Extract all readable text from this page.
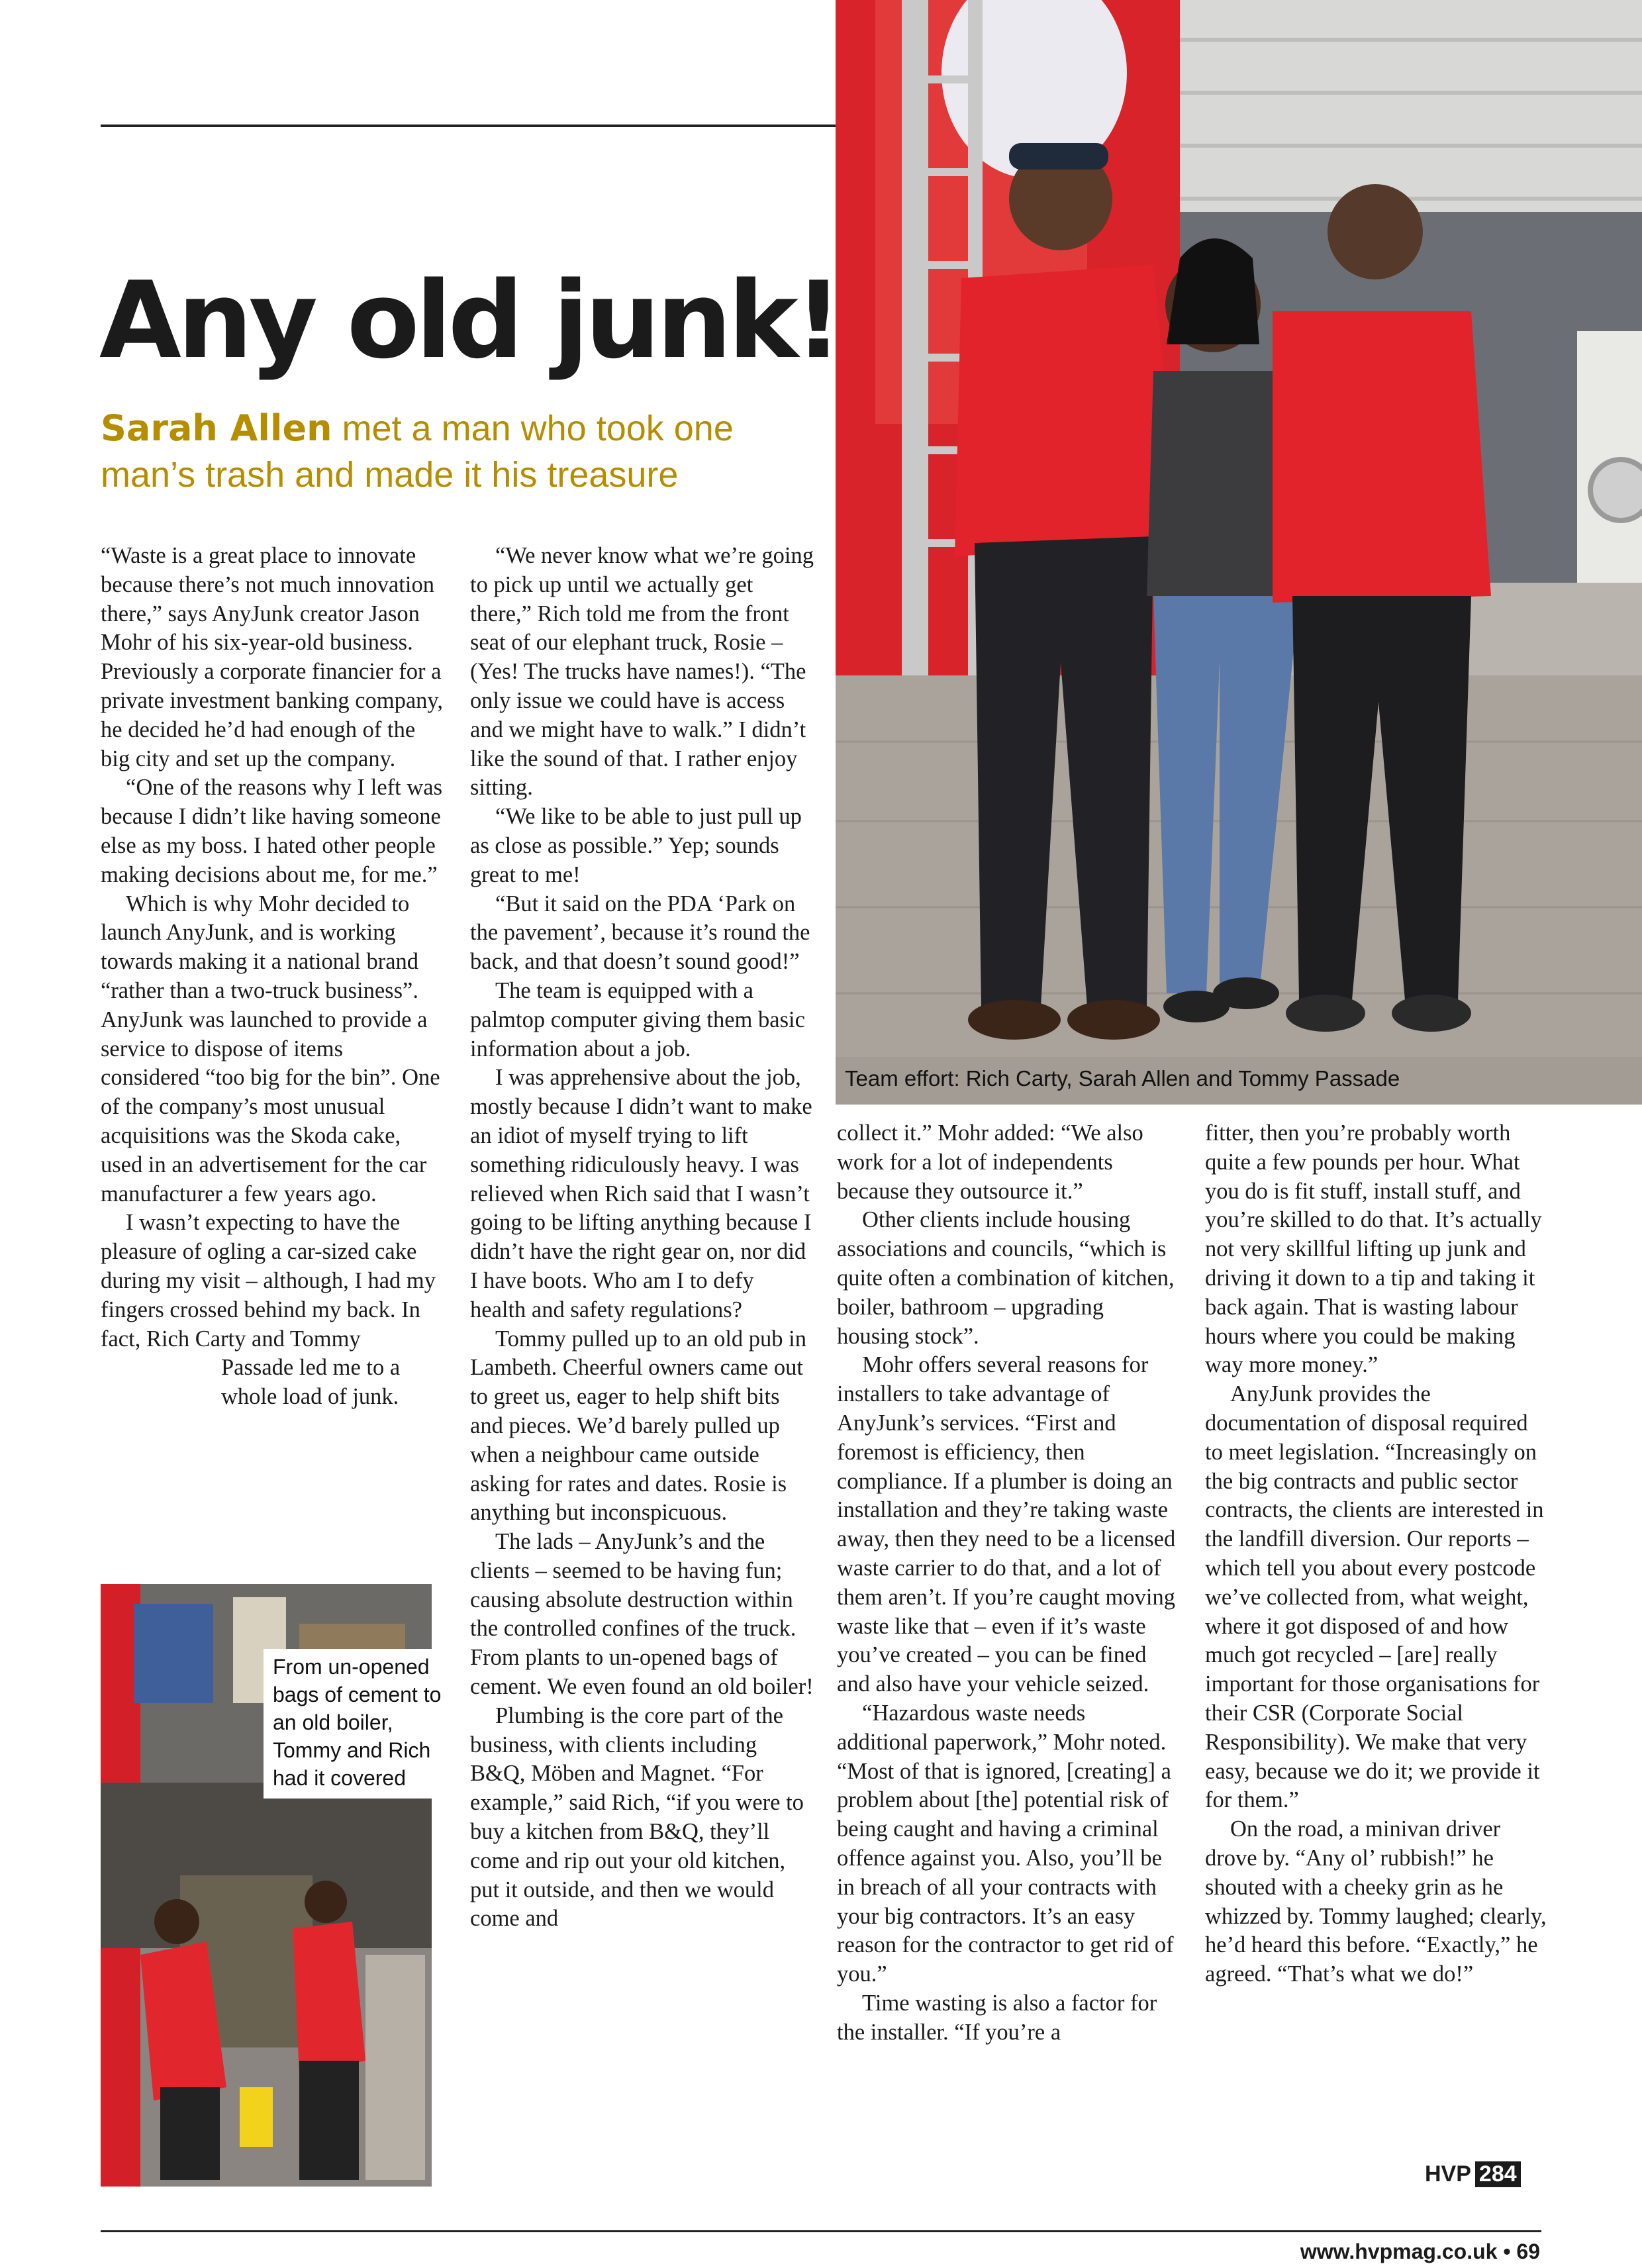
Team effort: Rich Carty, Sarah Allen and Tommy Passade
Any old junk!
Sarah Allen met a man who took one man’s trash and made it his treasure

“Waste is a great place to innovate because there’s not much innovation there,” says AnyJunk creator Jason Mohr of his six-year-old business. Previously a corporate financier for a private investment banking company, he decided he’d had enough of the big city and set up the company.

“One of the reasons why I left was because I didn’t like having someone else as my boss. I hated other people making decisions about me, for me.”

Which is why Mohr decided to launch AnyJunk, and is working towards making it a national brand “rather than a two-truck business”. AnyJunk was launched to provide a service to dispose of items considered “too big for the bin”. One of the company’s most unusual acquisitions was the Skoda cake, used in an advertisement for the car manufacturer a few years ago.

I wasn’t expecting to have the pleasure of ogling a car-sized cake during my visit – although, I had my fingers crossed behind my back. In fact, Rich Carty and Tommy

Passade led me to a whole load of junk.

From un-opened bags of cement to an old boiler, Tommy and Rich had it covered

“We never know what we’re going to pick up until we actually get there,” Rich told me from the front seat of our elephant truck, Rosie – (Yes! The trucks have names!). “The only issue we could have is access and we might have to walk.” I didn’t like the sound of that. I rather enjoy sitting.

“We like to be able to just pull up as close as possible.” Yep; sounds great to me!

“But it said on the PDA ‘Park on the pavement’, because it’s round the back, and that doesn’t sound good!”

The team is equipped with a palmtop computer giving them basic information about a job.

I was apprehensive about the job, mostly because I didn’t want to make an idiot of myself trying to lift something ridiculously heavy. I was relieved when Rich said that I wasn’t going to be lifting anything because I didn’t have the right gear on, nor did I have boots. Who am I to defy health and safety regulations?

Tommy pulled up to an old pub in Lambeth. Cheerful owners came out to greet us, eager to help shift bits and pieces. We’d barely pulled up when a neighbour came outside asking for rates and dates. Rosie is anything but inconspicuous.

The lads – AnyJunk’s and the clients – seemed to be having fun; causing absolute destruction within the controlled confines of the truck. From plants to un-opened bags of cement. We even found an old boiler!

Plumbing is the core part of the business, with clients including B&Q, Möben and Magnet. “For example,” said Rich, “if you were to buy a kitchen from B&Q, they’ll come and rip out your old kitchen, put it outside, and then we would come and

collect it.” Mohr added: “We also work for a lot of independents because they outsource it.”

Other clients include housing associations and councils, “which is quite often a combination of kitchen, boiler, bathroom – upgrading housing stock”.

Mohr offers several reasons for installers to take advantage of AnyJunk’s services. “First and foremost is efficiency, then compliance. If a plumber is doing an installation and they’re taking waste away, then they need to be a licensed waste carrier to do that, and a lot of them aren’t. If you’re caught moving waste like that – even if it’s waste you’ve created – you can be fined and also have your vehicle seized.

“Hazardous waste needs additional paperwork,” Mohr noted. “Most of that is ignored, [creating] a problem about [the] potential risk of being caught and having a criminal offence against you. Also, you’ll be in breach of all your contracts with your big contractors. It’s an easy reason for the contractor to get rid of you.”

Time wasting is also a factor for the installer. “If you’re a

fitter, then you’re probably worth quite a few pounds per hour. What you do is fit stuff, install stuff, and you’re skilled to do that. It’s actually not very skillful lifting up junk and driving it down to a tip and taking it back again. That is wasting labour hours where you could be making way more money.”

AnyJunk provides the documentation of disposal required to meet legislation. “Increasingly on the big contracts and public sector contracts, the clients are interested in the landfill diversion. Our reports – which tell you about every postcode we’ve collected from, what weight, where it got disposed of and how much got recycled – [are] really important for those organisations for their CSR (Corporate Social Responsibility). We make that very easy, because we do it; we provide it for them.”

On the road, a minivan driver drove by. “Any ol’ rubbish!” he shouted with a cheeky grin as he whizzed by. Tommy laughed; clearly, he’d heard this before. “Exactly,” he agreed. “That’s what we do!”

HVP 284
www.hvpmag.co.uk • 69
